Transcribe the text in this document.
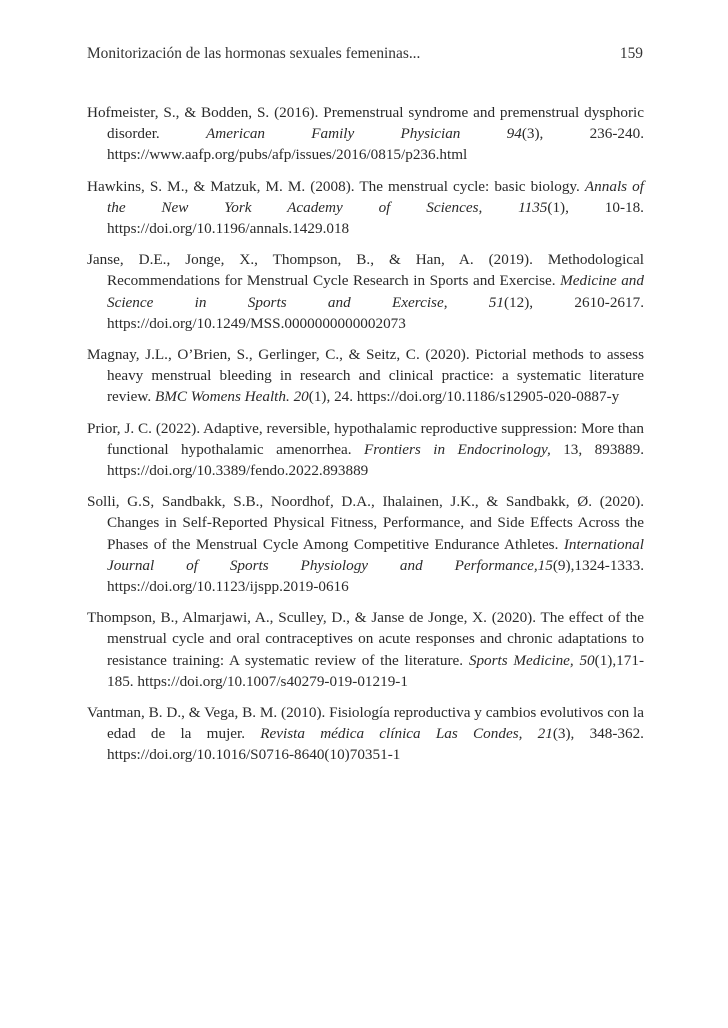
Monitorización de las hormonas sexuales femeninas...	159

Hofmeister, S., & Bodden, S. (2016). Premenstrual syndrome and premenstrual dysphoric disorder. American Family Physician 94(3), 236-240. https://www.aafp.org/pubs/afp/issues/2016/0815/p236.html

Hawkins, S. M., & Matzuk, M. M. (2008). The menstrual cycle: basic biology. Annals of the New York Academy of Sciences, 1135(1), 10-18. https://doi.org/10.1196/annals.1429.018

Janse, D.E., Jonge, X., Thompson, B., & Han, A. (2019). Methodological Recommendations for Menstrual Cycle Research in Sports and Exercise. Medicine and Science in Sports and Exercise, 51(12), 2610-2617. https://doi.org/10.1249/MSS.0000000000002073

Magnay, J.L., O’Brien, S., Gerlinger, C., & Seitz, C. (2020). Pictorial methods to assess heavy menstrual bleeding in research and clinical practice: a systematic literature review. BMC Womens Health. 20(1), 24. https://doi.org/10.1186/s12905-020-0887-y

Prior, J. C. (2022). Adaptive, reversible, hypothalamic reproductive suppression: More than functional hypothalamic amenorrhea. Frontiers in Endocrinology, 13, 893889. https://doi.org/10.3389/fendo.2022.893889

Solli, G.S, Sandbakk, S.B., Noordhof, D.A., Ihalainen, J.K., & Sandbakk, Ø. (2020). Changes in Self-Reported Physical Fitness, Performance, and Side Effects Across the Phases of the Menstrual Cycle Among Competitive Endurance Athletes. International Journal of Sports Physiology and Performance,15(9),1324-1333. https://doi.org/10.1123/ijspp.2019-0616

Thompson, B., Almarjawi, A., Sculley, D., & Janse de Jonge, X. (2020). The effect of the menstrual cycle and oral contraceptives on acute responses and chronic adaptations to resistance training: A systematic review of the literature. Sports Medicine, 50(1),171-185. https://doi.org/10.1007/s40279-019-01219-1

Vantman, B. D., & Vega, B. M. (2010). Fisiología reproductiva y cambios evolutivos con la edad de la mujer. Revista médica clínica Las Condes, 21(3), 348-362. https://doi.org/10.1016/S0716-8640(10)70351-1
